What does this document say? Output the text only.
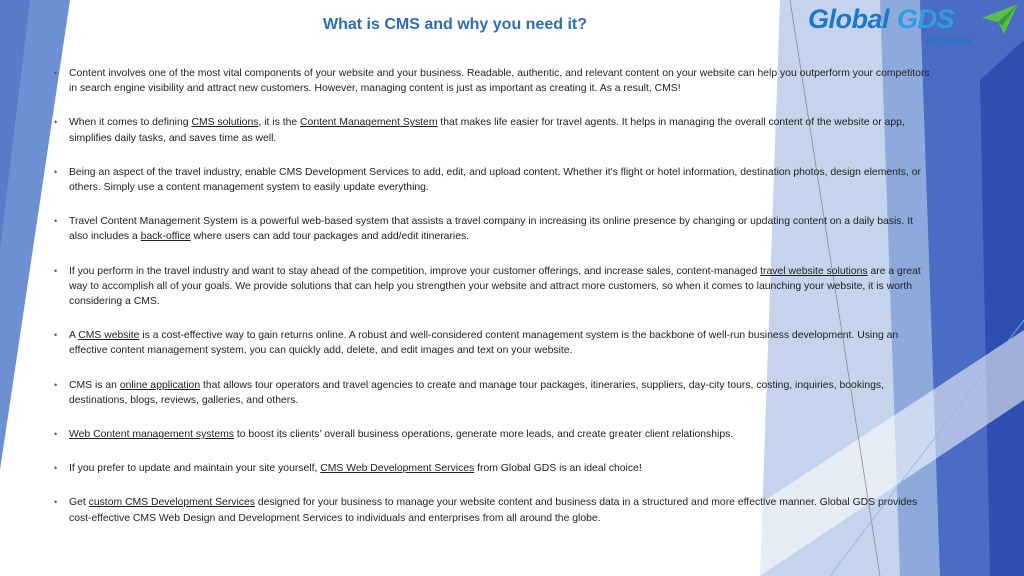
What is CMS and why you need it?	Global GDS
by trawex
• Content involves one of the most vital components of your website and your business. Readable, authentic, and relevant content on your website can help you outperform your competitors in search engine visibility and attract new customers. However, managing content is just as important as creating it. As a result, CMS!
• When it comes to defining CMS solutions, it is the Content Management System that makes life easier for travel agents. It helps in managing the overall content of the website or app, simplifies daily tasks, and saves time as well.
• Being an aspect of the travel industry, enable CMS Development Services to add, edit, and upload content. Whether it's flight or hotel information, destination photos, design elements, or others. Simply use a content management system to easily update everything.
• Travel Content Management System is a powerful web-based system that assists a travel company in increasing its online presence by changing or updating content on a daily basis. It also includes a back-office where users can add tour packages and add/edit itineraries.
• If you perform in the travel industry and want to stay ahead of the competition, improve your customer offerings, and increase sales, content-managed travel website solutions are a great way to accomplish all of your goals. We provide solutions that can help you strengthen your website and attract more customers, so when it comes to launching your website, it is worth considering a CMS.
• A CMS website is a cost-effective way to gain returns online. A robust and well-considered content management system is the backbone of well-run business development. Using an effective content management system, you can quickly add, delete, and edit images and text on your website.
• CMS is an online application that allows tour operators and travel agencies to create and manage tour packages, itineraries, suppliers, day-city tours, costing, inquiries, bookings, destinations, blogs, reviews, galleries, and others.
• Web Content management systems to boost its clients’ overall business operations, generate more leads, and create greater client relationships.
• If you prefer to update and maintain your site yourself, CMS Web Development Services from Global GDS is an ideal choice!
• Get custom CMS Development Services designed for your business to manage your website content and business data in a structured and more effective manner. Global GDS provides cost-effective CMS Web Design and Development Services to individuals and enterprises from all around the globe.
